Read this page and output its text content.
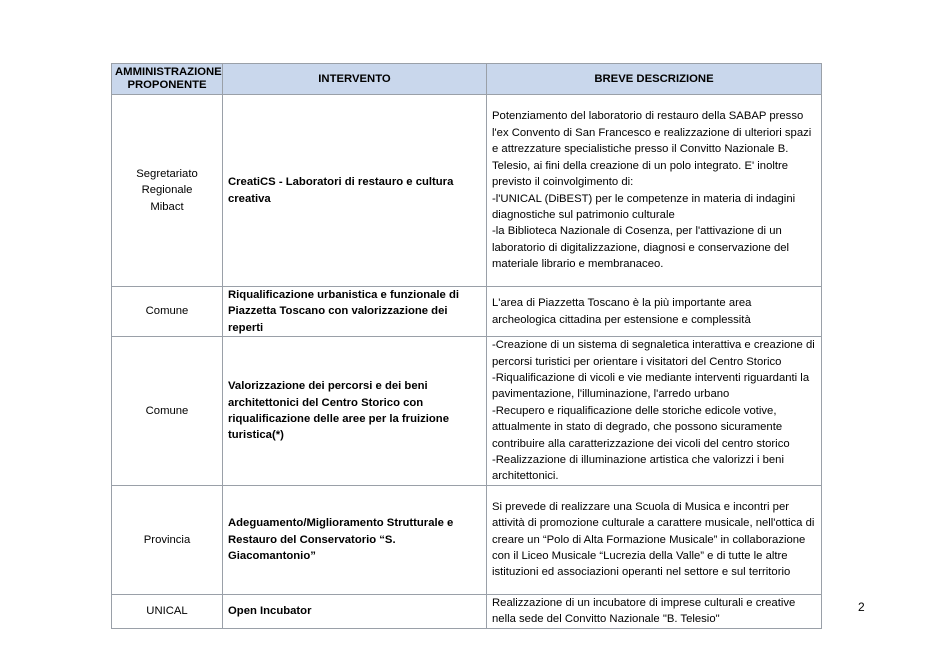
AMMINISTRAZIONE PROPONENTE	INTERVENTO	BREVE DESCRIZIONE
Segretariato Regionale Mibact	CreatiCS - Laboratori di restauro e cultura creativa	Potenziamento del laboratorio di restauro della SABAP presso l'ex Convento di San Francesco e realizzazione di ulteriori spazi e attrezzature specialistiche presso il Convitto Nazionale B. Telesio, ai fini della creazione di un polo integrato. E' inoltre previsto il coinvolgimento di:
-l'UNICAL (DiBEST) per le competenze in materia di indagini diagnostiche sul patrimonio culturale
-la Biblioteca Nazionale di Cosenza, per l'attivazione di un laboratorio di digitalizzazione, diagnosi e conservazione del materiale librario e membranaceo.

Comune	Riqualificazione urbanistica e funzionale di Piazzetta Toscano con valorizzazione dei reperti	L'area di Piazzetta Toscano è la più importante area archeologica cittadina per estensione e complessità

Comune	Valorizzazione dei percorsi e dei beni architettonici del Centro Storico con riqualificazione delle aree per la fruizione turistica(*)	-Creazione di un sistema di segnaletica interattiva e creazione di percorsi turistici per orientare i visitatori del Centro Storico
-Riqualificazione di vicoli e vie mediante interventi riguardanti la pavimentazione, l'illuminazione, l'arredo urbano
-Recupero e riqualificazione delle storiche edicole votive, attualmente in stato di degrado, che possono sicuramente contribuire alla caratterizzazione dei vicoli del centro storico
-Realizzazione di illuminazione artistica che valorizzi i beni architettonici.

Provincia	Adeguamento/Miglioramento Strutturale e Restauro del Conservatorio “S. Giacomantonio”	Si prevede di realizzare una Scuola di Musica e incontri per attività di promozione culturale a carattere musicale, nell'ottica di creare un “Polo di Alta Formazione Musicale” in collaborazione con il Liceo Musicale “Lucrezia della Valle” e di tutte le altre istituzioni ed associazioni operanti nel settore e sul territorio

UNICAL	Open Incubator	Realizzazione di un incubatore di imprese culturali e creative nella sede del Convitto Nazionale "B. Telesio"
2
